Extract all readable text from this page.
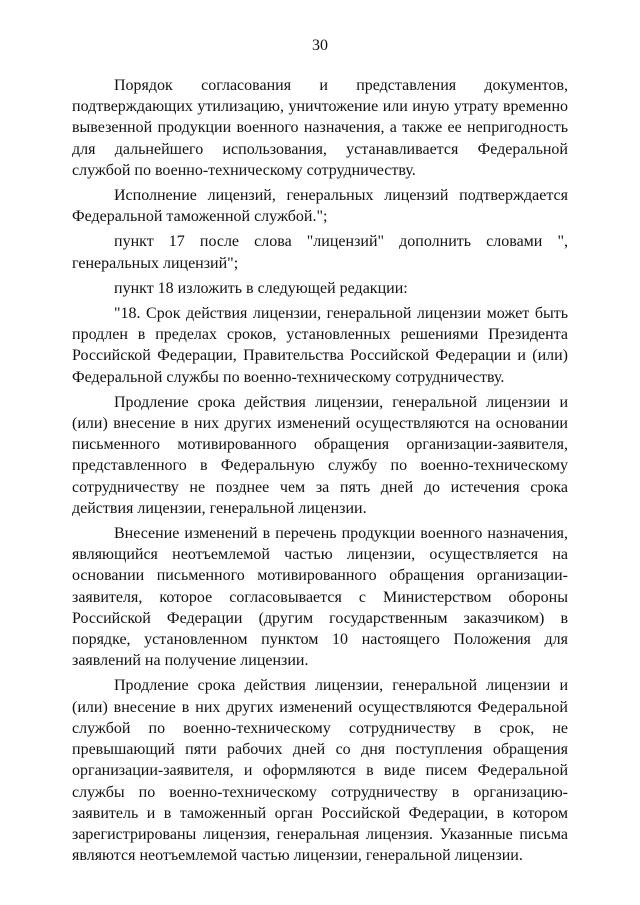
30

Порядок согласования и представления документов, подтверждающих утилизацию, уничтожение или иную утрату временно вывезенной продукции военного назначения, а также ее непригодность для дальнейшего использования, устанавливается Федеральной службой по военно-техническому сотрудничеству.

Исполнение лицензий, генеральных лицензий подтверждается Федеральной таможенной службой.";

пункт 17 после слова "лицензий" дополнить словами ", генеральных лицензий";

пункт 18 изложить в следующей редакции:

"18. Срок действия лицензии, генеральной лицензии может быть продлен в пределах сроков, установленных решениями Президента Российской Федерации, Правительства Российской Федерации и (или) Федеральной службы по военно-техническому сотрудничеству.

Продление срока действия лицензии, генеральной лицензии и (или) внесение в них других изменений осуществляются на основании письменного мотивированного обращения организации-заявителя, представленного в Федеральную службу по военно-техническому сотрудничеству не позднее чем за пять дней до истечения срока действия лицензии, генеральной лицензии.

Внесение изменений в перечень продукции военного назначения, являющийся неотъемлемой частью лицензии, осуществляется на основании письменного мотивированного обращения организации-заявителя, которое согласовывается с Министерством обороны Российской Федерации (другим государственным заказчиком) в порядке, установленном пунктом 10 настоящего Положения для заявлений на получение лицензии.

Продление срока действия лицензии, генеральной лицензии и (или) внесение в них других изменений осуществляются Федеральной службой по военно-техническому сотрудничеству в срок, не превышающий пяти рабочих дней со дня поступления обращения организации-заявителя, и оформляются в виде писем Федеральной службы по военно-техническому сотрудничеству в организацию-заявитель и в таможенный орган Российской Федерации, в котором зарегистрированы лицензия, генеральная лицензия. Указанные письма являются неотъемлемой частью лицензии, генеральной лицензии.
